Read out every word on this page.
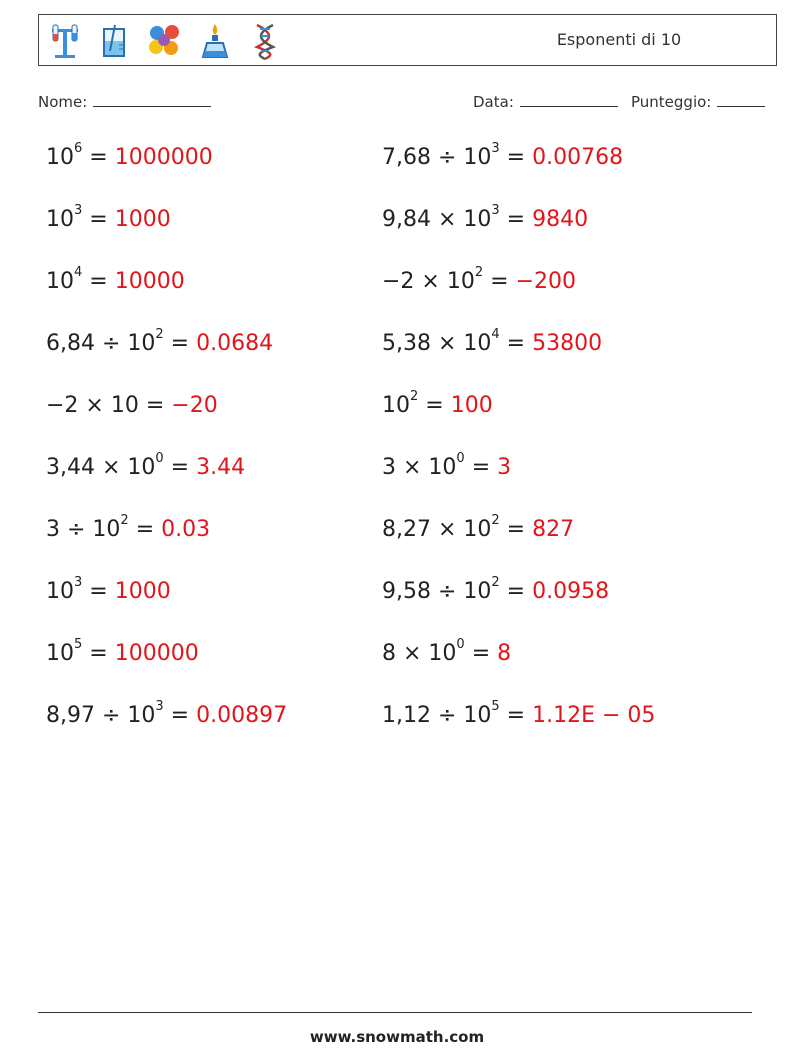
Esponenti di 10
Nome:	Data:	Punteggio:
$10^6 = 1000000$
$10^3 = 1000$
$10^4 = 10000$
$6,84 \div 10^2 = 0.0684$
−2 × 10 = −20
$3,44 \times 10^0 = 3.44$
$3 \div 10^2 = 0.03$
$10^3 = 1000$
$10^5 = 100000$
$8,97 \div 10^3 = 0.00897$
$7,68 \div 10^3 = 0.00768$
$9,84 \times 10^3 = 9840$
$-2 \times 10^2 = -200$
$5,38 \times 10^4 = 53800$
$10^2 = 100$
$3 \times 10^0 = 3$
$8,27 \times 10^2 = 827$
$9,58 \div 10^2 = 0.0958$
$8 \times 10^0 = 8$
$1,12 \div 10^5 = 1.12E - 05$
www.snowmath.com
